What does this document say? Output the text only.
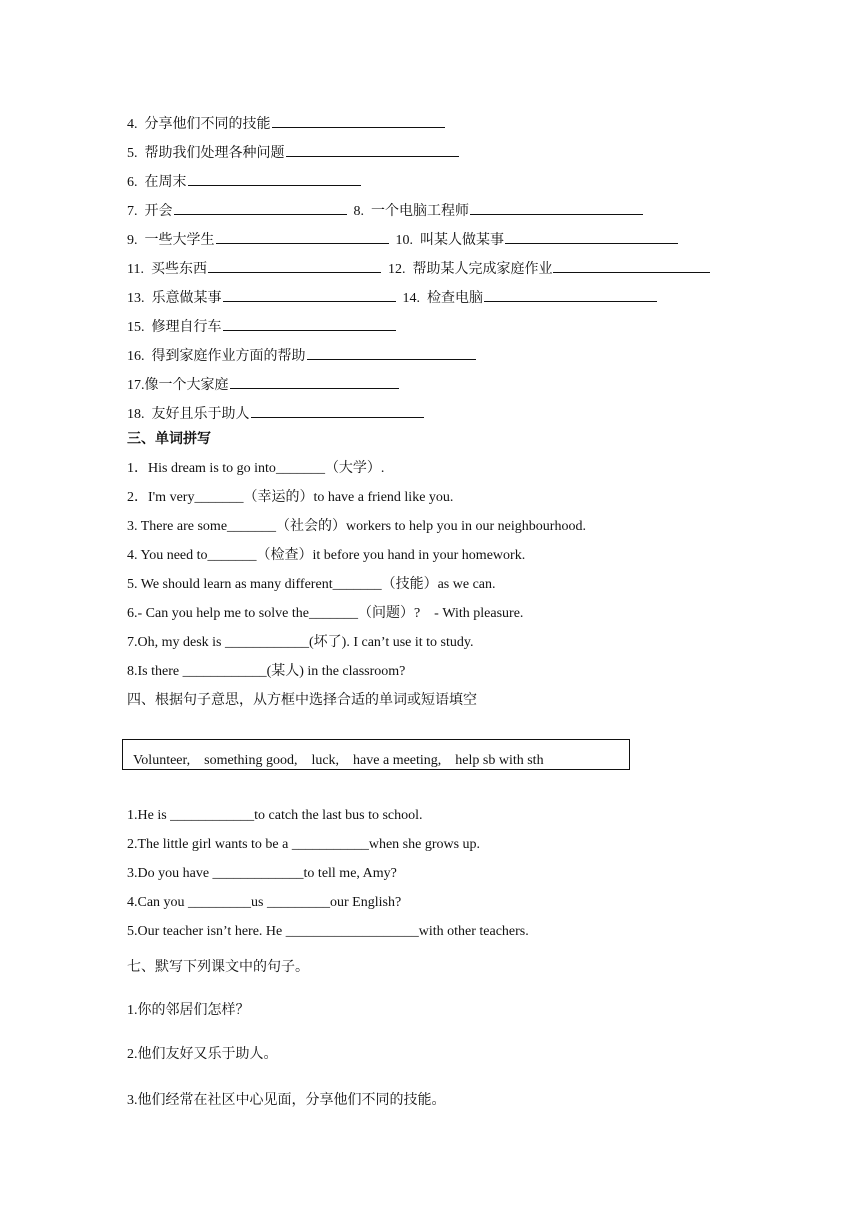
4.  分享他们不同的技能
5.  帮助我们处理各种问题
6.  在周末
7.  开会	8.  一个电脑工程师
9.  一些大学生	10.  叫某人做某事
11.  买些东西	12.  帮助某人完成家庭作业
13.  乐意做某事	14.  检查电脑
15.  修理自行车
16.  得到家庭作业方面的帮助
17.像一个大家庭
18.  友好且乐于助人
三、单词拼写
1．His dream is to go into_______（大学）.
2．I'm very_______（幸运的）to have a friend like you.
3. There are some_______（社会的）workers to help you in our neighbourhood.
4. You need to_______（检查）it before you hand in your homework.
5. We should learn as many different_______（技能）as we can.
6.- Can you help me to solve the_______（问题）?    - With pleasure.
7.Oh, my desk is ____________(坏了). I can’t use it to study.
8.Is there ____________(某人) in the classroom?
四、根据句子意思，从方框中选择合适的单词或短语填空
Volunteer,    something good,    luck,    have a meeting,    help sb with sth
1.He is ____________to catch the last bus to school.
2.The little girl wants to be a ___________when she grows up.
3.Do you have _____________to tell me, Amy?
4.Can you _________us _________our English?
5.Our teacher isn’t here. He ___________________with other teachers.
七、默写下列课文中的句子。
1.你的邻居们怎样？
2.他们友好又乐于助人。
3.他们经常在社区中心见面，分享他们不同的技能。
